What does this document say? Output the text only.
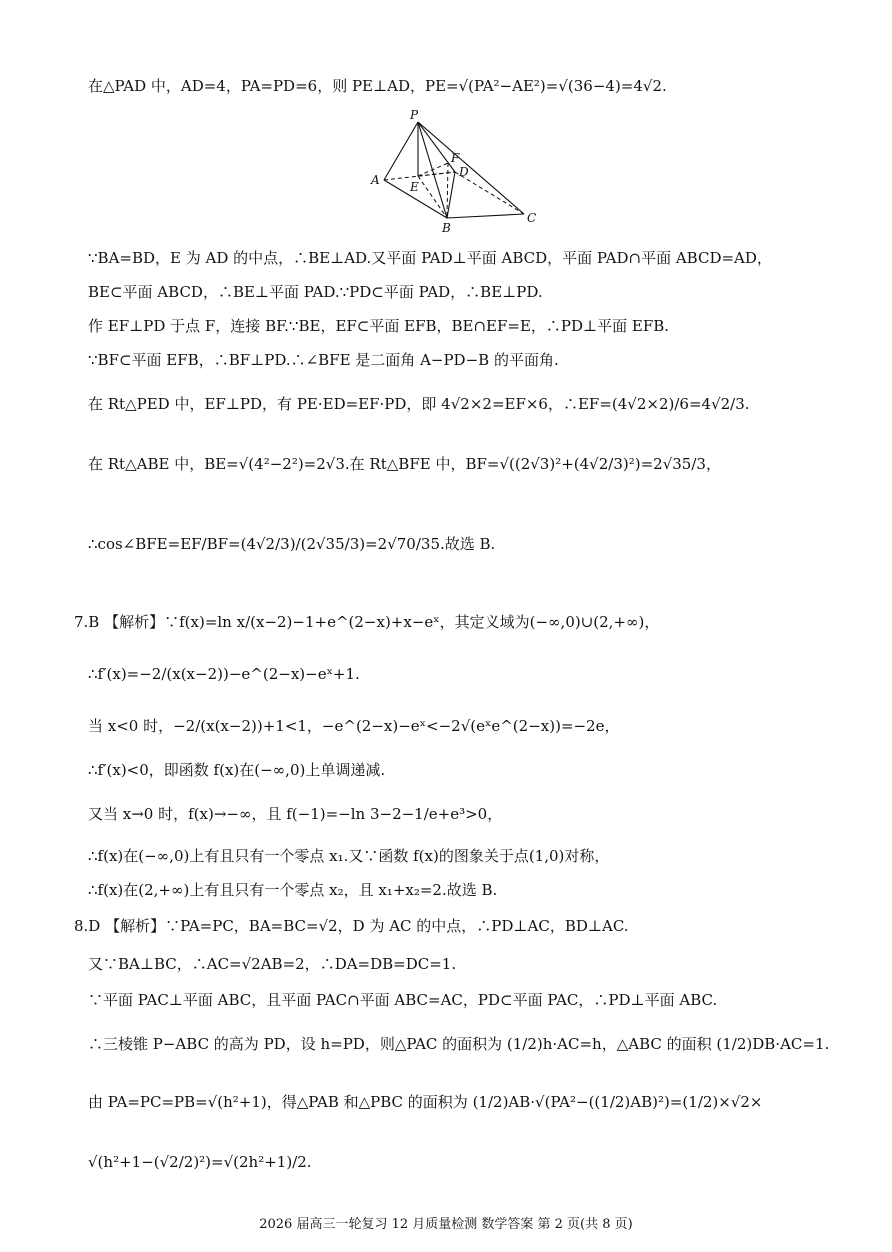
在△PAD 中，AD=4，PA=PD=6，则 PE⊥AD，PE=√(PA²−AE²)=√(36−4)=4√2.
P
A
B
C
D
E
F
∵BA=BD，E 为 AD 的中点，∴BE⊥AD.又平面 PAD⊥平面 ABCD，平面 PAD∩平面 ABCD=AD，
BE⊂平面 ABCD，∴BE⊥平面 PAD.∵PD⊂平面 PAD，∴BE⊥PD.
作 EF⊥PD 于点 F，连接 BF.∵BE，EF⊂平面 EFB，BE∩EF=E，∴PD⊥平面 EFB.
∵BF⊂平面 EFB，∴BF⊥PD.∴∠BFE 是二面角 A−PD−B 的平面角.
在 Rt△PED 中，EF⊥PD，有 PE·ED=EF·PD，即 4√2×2=EF×6，∴EF=(4√2×2)/6=4√2/3.
在 Rt△ABE 中，BE=√(4²−2²)=2√3.在 Rt△BFE 中，BF=√((2√3)²+(4√2/3)²)=2√35/3，
∴cos∠BFE=EF/BF=(4√2/3)/(2√35/3)=2√70/35.故选 B.
7.B 【解析】∵f(x)=ln x/(x−2)−1+e^(2−x)+x−eˣ，其定义域为(−∞,0)∪(2,+∞)，
∴f′(x)=−2/(x(x−2))−e^(2−x)−eˣ+1.
当 x<0 时，−2/(x(x−2))+1<1，−e^(2−x)−eˣ<−2√(eˣe^(2−x))=−2e，
∴f′(x)<0，即函数 f(x)在(−∞,0)上单调递减.
又当 x→0 时，f(x)→−∞，且 f(−1)=−ln 3−2−1/e+e³>0，
∴f(x)在(−∞,0)上有且只有一个零点 x₁.又∵函数 f(x)的图象关于点(1,0)对称，
∴f(x)在(2,+∞)上有且只有一个零点 x₂，且 x₁+x₂=2.故选 B.
8.D 【解析】∵PA=PC，BA=BC=√2，D 为 AC 的中点，∴PD⊥AC，BD⊥AC.
又∵BA⊥BC，∴AC=√2AB=2，∴DA=DB=DC=1.
∵平面 PAC⊥平面 ABC，且平面 PAC∩平面 ABC=AC，PD⊂平面 PAC，∴PD⊥平面 ABC.
∴三棱锥 P−ABC 的高为 PD，设 h=PD，则△PAC 的面积为 (1/2)h·AC=h，△ABC 的面积 (1/2)DB·AC=1.
由 PA=PC=PB=√(h²+1)，得△PAB 和△PBC 的面积为 (1/2)AB·√(PA²−((1/2)AB)²)=(1/2)×√2×
√(h²+1−(√2/2)²)=√(2h²+1)/2.
2026 届高三一轮复习 12 月质量检测 数学答案 第 2 页(共 8 页)
